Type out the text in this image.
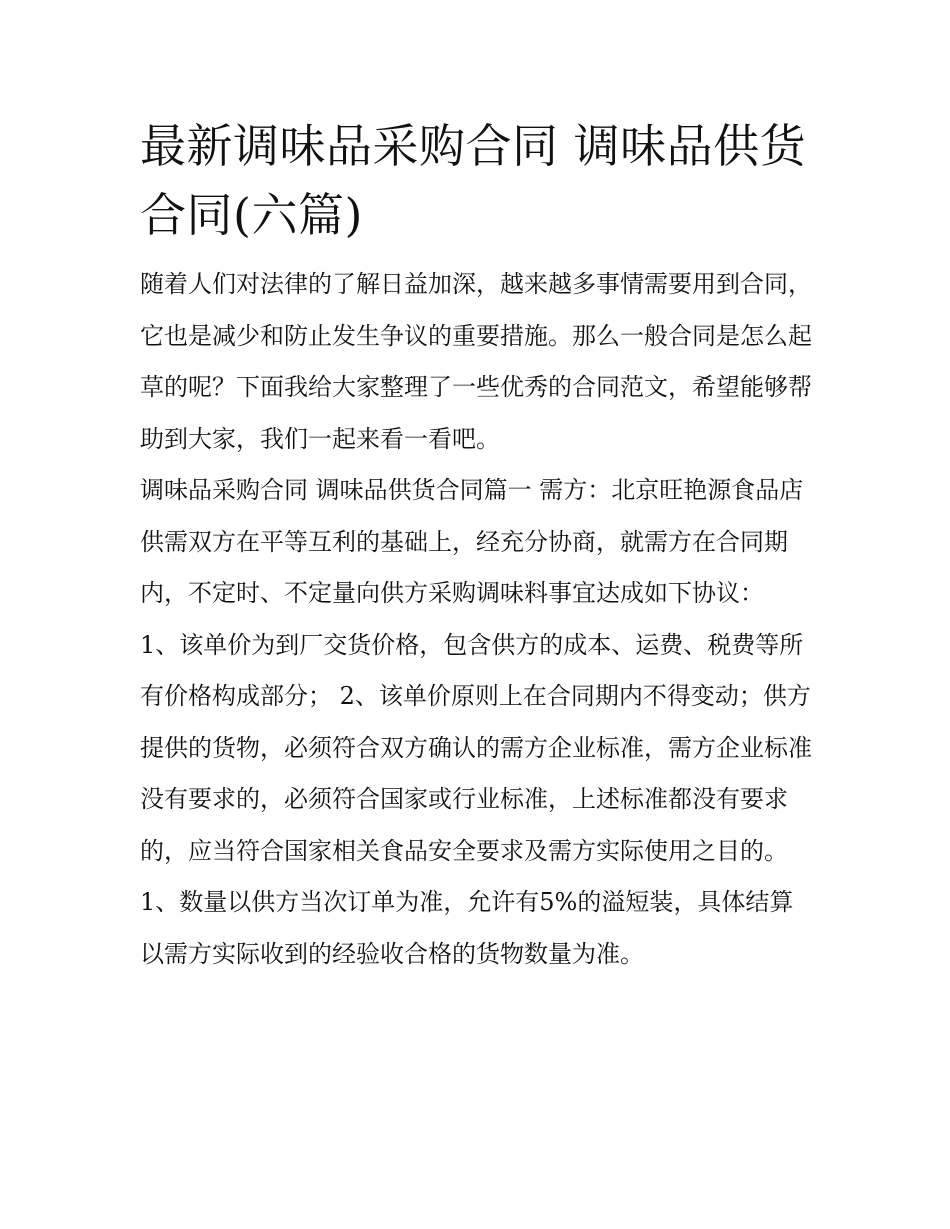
最新调味品采购合同 调味品供货合同(六篇)

随着人们对法律的了解日益加深，越来越多事情需要用到合同，它也是减少和防止发生争议的重要措施。那么一般合同是怎么起草的呢？下面我给大家整理了一些优秀的合同范文，希望能够帮助到大家，我们一起来看一看吧。

调味品采购合同 调味品供货合同篇一 需方：北京旺艳源食品店

供需双方在平等互利的基础上，经充分协商，就需方在合同期内，不定时、不定量向供方采购调味料事宜达成如下协议：

1、该单价为到厂交货价格，包含供方的成本、运费、税费等所有价格构成部分； 2、该单价原则上在合同期内不得变动；供方提供的货物，必须符合双方确认的需方企业标准，需方企业标准没有要求的，必须符合国家或行业标准，上述标准都没有要求的，应当符合国家相关食品安全要求及需方实际使用之目的。

1、数量以供方当次订单为准，允许有5%的溢短装，具体结算以需方实际收到的经验收合格的货物数量为准。
